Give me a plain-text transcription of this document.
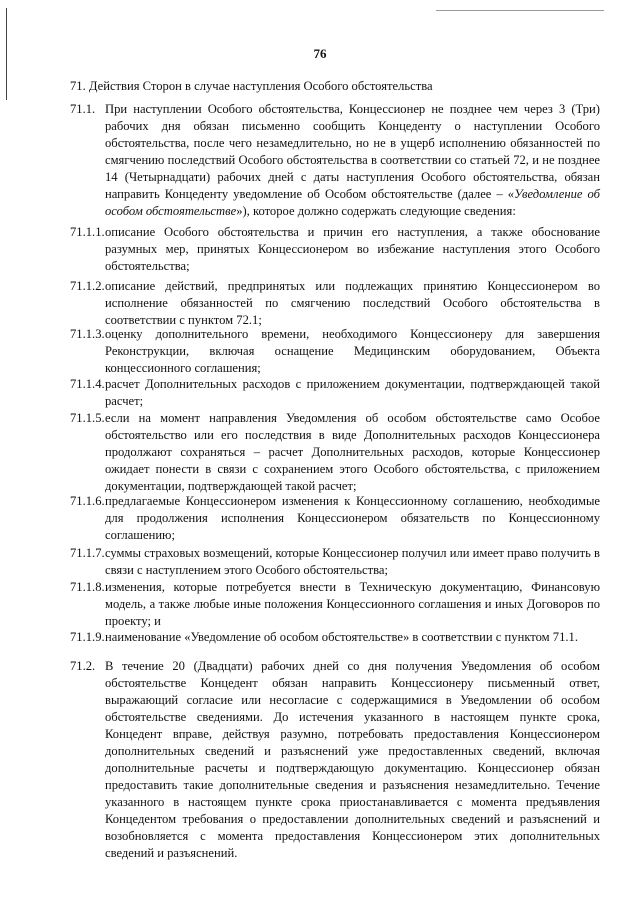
76
71. Действия Сторон в случае наступления Особого обстоятельства
71.1. При наступлении Особого обстоятельства, Концессионер не позднее чем через 3 (Три) рабочих дня обязан письменно сообщить Концеденту о наступлении Особого обстоятельства, после чего незамедлительно, но не в ущерб исполнению обязанностей по смягчению последствий Особого обстоятельства в соответствии со статьей 72, и не позднее 14 (Четырнадцати) рабочих дней с даты наступления Особого обстоятельства, обязан направить Концеденту уведомление об Особом обстоятельстве (далее – «Уведомление об особом обстоятельстве»), которое должно содержать следующие сведения:
71.1.1. описание Особого обстоятельства и причин его наступления, а также обоснование разумных мер, принятых Концессионером во избежание наступления этого Особого обстоятельства;
71.1.2. описание действий, предпринятых или подлежащих принятию Концессионером во исполнение обязанностей по смягчению последствий Особого обстоятельства в соответствии с пунктом 72.1;
71.1.3. оценку дополнительного времени, необходимого Концессионеру для завершения Реконструкции, включая оснащение Медицинским оборудованием, Объекта концессионного соглашения;
71.1.4. расчет Дополнительных расходов с приложением документации, подтверждающей такой расчет;
71.1.5. если на момент направления Уведомления об особом обстоятельстве само Особое обстоятельство или его последствия в виде Дополнительных расходов Концессионера продолжают сохраняться – расчет Дополнительных расходов, которые Концессионер ожидает понести в связи с сохранением этого Особого обстоятельства, с приложением документации, подтверждающей такой расчет;
71.1.6. предлагаемые Концессионером изменения к Концессионному соглашению, необходимые для продолжения исполнения Концессионером обязательств по Концессионному соглашению;
71.1.7. суммы страховых возмещений, которые Концессионер получил или имеет право получить в связи с наступлением этого Особого обстоятельства;
71.1.8. изменения, которые потребуется внести в Техническую документацию, Финансовую модель, а также любые иные положения Концессионного соглашения и иных Договоров по проекту; и
71.1.9. наименование «Уведомление об особом обстоятельстве» в соответствии с пунктом 71.1.
71.2. В течение 20 (Двадцати) рабочих дней со дня получения Уведомления об особом обстоятельстве Концедент обязан направить Концессионеру письменный ответ, выражающий согласие или несогласие с содержащимися в Уведомлении об особом обстоятельстве сведениями. До истечения указанного в настоящем пункте срока, Концедент вправе, действуя разумно, потребовать предоставления Концессионером дополнительных сведений и разъяснений уже предоставленных сведений, включая дополнительные расчеты и подтверждающую документацию. Концессионер обязан предоставить такие дополнительные сведения и разъяснения незамедлительно. Течение указанного в настоящем пункте срока приостанавливается с момента предъявления Концедентом требования о предоставлении дополнительных сведений и разъяснений и возобновляется с момента предоставления Концессионером этих дополнительных сведений и разъяснений.
